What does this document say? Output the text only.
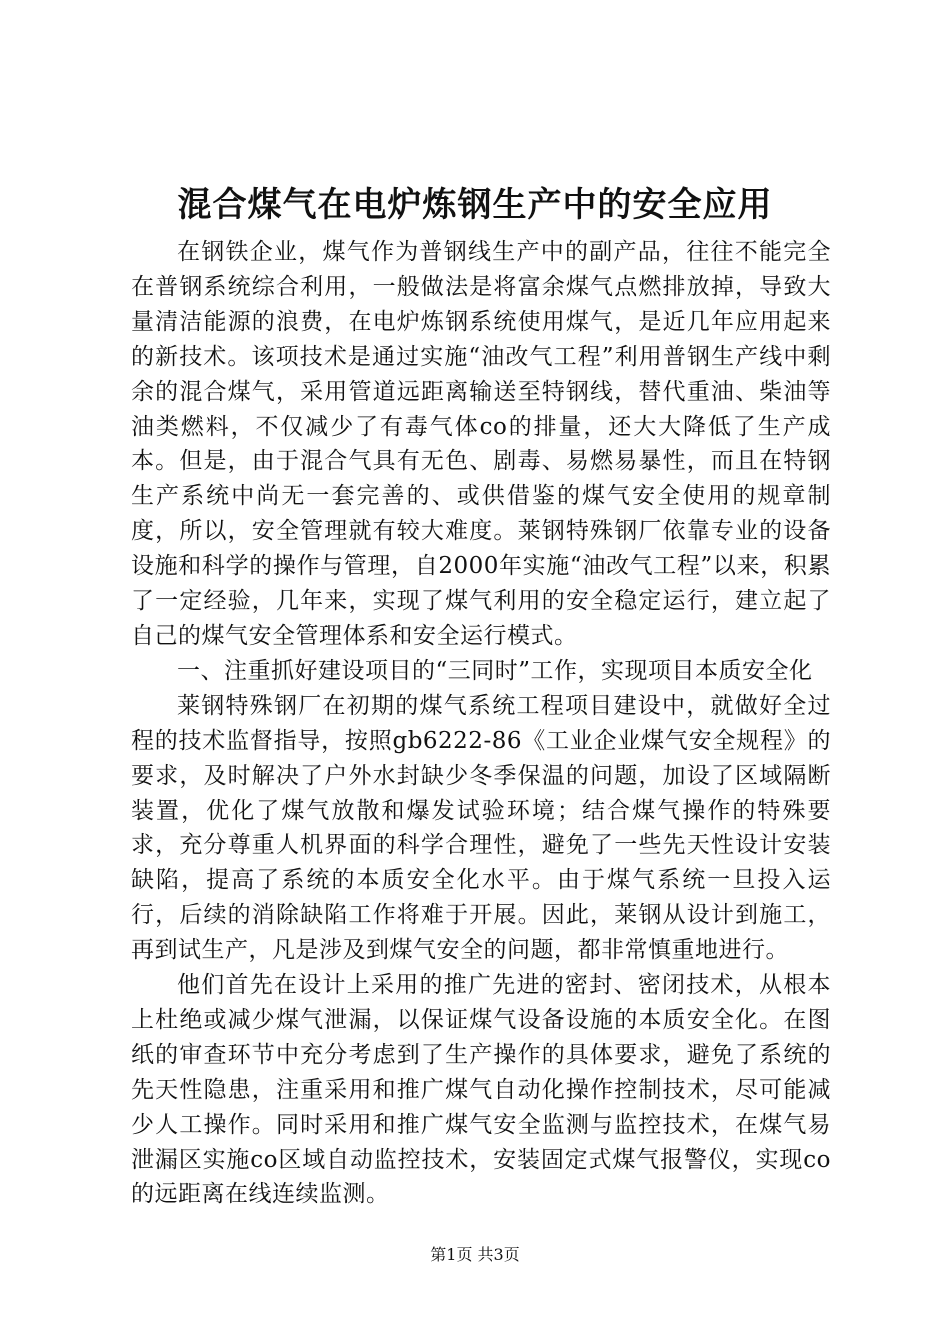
混合煤气在电炉炼钢生产中的安全应用

在钢铁企业，煤气作为普钢线生产中的副产品，往往不能完全在普钢系统综合利用，一般做法是将富余煤气点燃排放掉，导致大量清洁能源的浪费，在电炉炼钢系统使用煤气，是近几年应用起来的新技术。该项技术是通过实施“油改气工程”利用普钢生产线中剩余的混合煤气，采用管道远距离输送至特钢线，替代重油、柴油等油类燃料，不仅减少了有毒气体co的排量，还大大降低了生产成本。但是，由于混合气具有无色、剧毒、易燃易暴性，而且在特钢生产系统中尚无一套完善的、或供借鉴的煤气安全使用的规章制度，所以，安全管理就有较大难度。莱钢特殊钢厂依靠专业的设备设施和科学的操作与管理，自2000年实施“油改气工程”以来，积累了一定经验，几年来，实现了煤气利用的安全稳定运行，建立起了自己的煤气安全管理体系和安全运行模式。

一、注重抓好建设项目的“三同时”工作，实现项目本质安全化

莱钢特殊钢厂在初期的煤气系统工程项目建设中，就做好全过程的技术监督指导，按照gb6222-86《工业企业煤气安全规程》的要求，及时解决了户外水封缺少冬季保温的问题，加设了区域隔断装置，优化了煤气放散和爆发试验环境；结合煤气操作的特殊要求，充分尊重人机界面的科学合理性，避免了一些先天性设计安装缺陷，提高了系统的本质安全化水平。由于煤气系统一旦投入运行，后续的消除缺陷工作将难于开展。因此，莱钢从设计到施工，再到试生产，凡是涉及到煤气安全的问题，都非常慎重地进行。

他们首先在设计上采用的推广先进的密封、密闭技术，从根本上杜绝或减少煤气泄漏，以保证煤气设备设施的本质安全化。在图纸的审查环节中充分考虑到了生产操作的具体要求，避免了系统的先天性隐患，注重采用和推广煤气自动化操作控制技术，尽可能减少人工操作。同时采用和推广煤气安全监测与监控技术，在煤气易泄漏区实施co区域自动监控技术，安装固定式煤气报警仪，实现co的远距离在线连续监测。

第1页 共3页
